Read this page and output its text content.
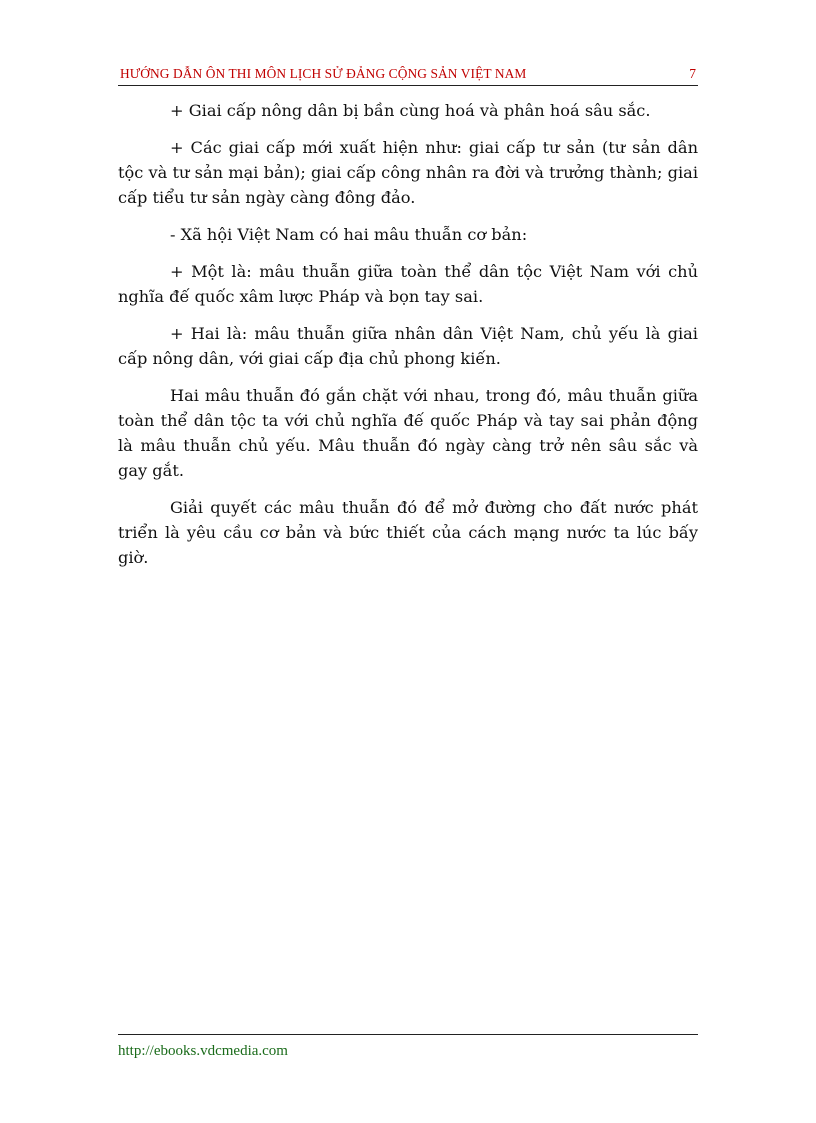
HƯỚNG DẪN ÔN THI MÔN LỊCH SỬ ĐẢNG CỘNG SẢN VIỆT NAM	7

+ Giai cấp nông dân bị bần cùng hoá và phân hoá sâu sắc.

+ Các giai cấp mới xuất hiện như: giai cấp tư sản (tư sản dân tộc và tư sản mại bản); giai cấp công nhân ra đời và trưởng thành; giai cấp tiểu tư sản ngày càng đông đảo.

- Xã hội Việt Nam có hai mâu thuẫn cơ bản:

+ Một là: mâu thuẫn giữa toàn thể dân tộc Việt Nam với chủ nghĩa đế quốc xâm lược Pháp và bọn tay sai.

+ Hai là: mâu thuẫn giữa nhân dân Việt Nam, chủ yếu là giai cấp nông dân, với giai cấp địa chủ phong kiến.

Hai mâu thuẫn đó gắn chặt với nhau, trong đó, mâu thuẫn giữa toàn thể dân tộc ta với chủ nghĩa đế quốc Pháp và tay sai phản động là mâu thuẫn chủ yếu. Mâu thuẫn đó ngày càng trở nên sâu sắc và gay gắt.

Giải quyết các mâu thuẫn đó để mở đường cho đất nước phát triển là yêu cầu cơ bản và bức thiết của cách mạng nước ta lúc bấy giờ.

http://ebooks.vdcmedia.com
